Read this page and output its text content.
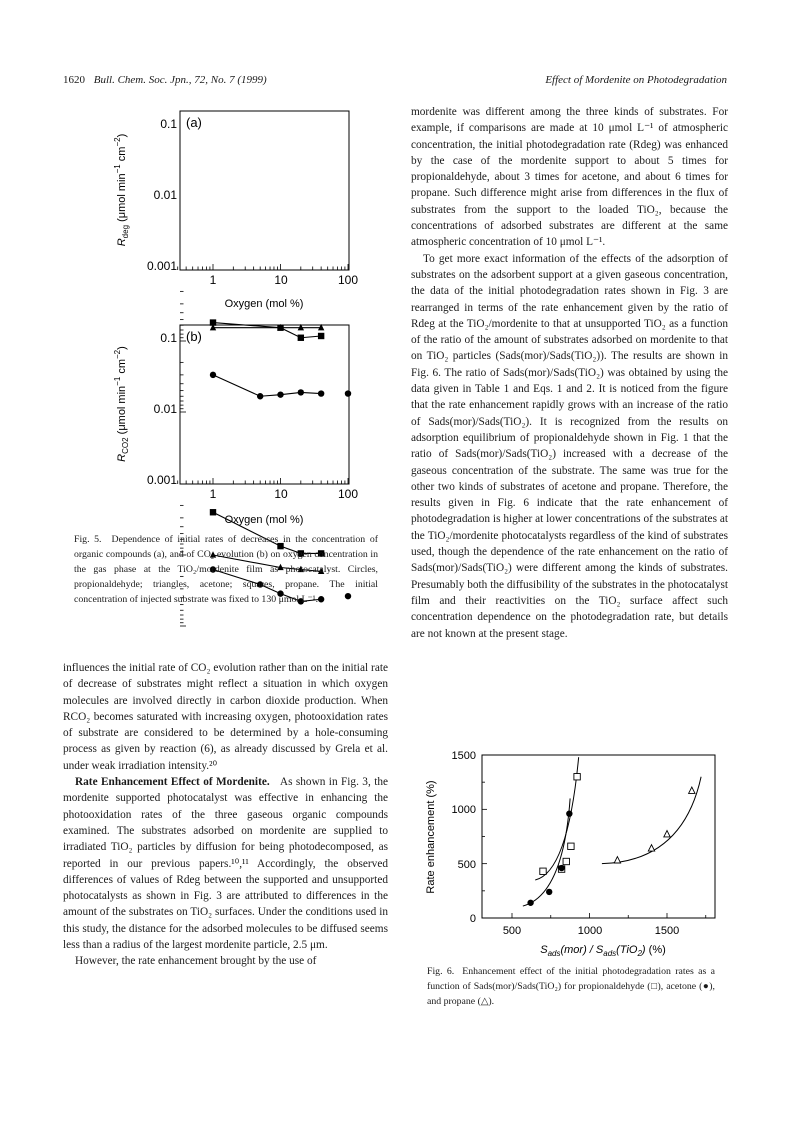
1620 Bull. Chem. Soc. Jpn., 72, No. 7 (1999)	Effect of Mordenite on Photodegradation
(a)
0.1
0.01
0.001
1	10	100
Oxygen (mol %)
$R_{deg}$ (μmol $\min^{-1} cm^{-2}$)
(b)
0.1
0.01
0.001
1	10	100
Oxygen (mol %)
$R_{CO2}$ (μmol $\min^{-1} cm^{-2}$)
Fig. 5. Dependence of initial rates of decreases in the concentration of organic compounds (a), and of CO₂ evolution (b) on oxygen concentration in the gas phase at the TiO₂/mordenite film as photocatalyst. Circles, propionaldehyde; triangles, acetone; squares, propane. The initial concentration of injected substrate was fixed to 130 μmol L⁻¹.

influences the initial rate of CO₂ evolution rather than on the initial rate of decrease of substrates might reflect a situation in which oxygen molecules are involved directly in carbon dioxide production. When RCO₂ becomes saturated with increasing oxygen, photooxidation rates of substrate are considered to be determined by a hole-consuming process as given by reaction (6), as already discussed by Grela et al. under weak irradiation intensity.²⁰

Rate Enhancement Effect of Mordenite. As shown in Fig. 3, the mordenite supported photocatalyst was effective in enhancing the photooxidation rates of the three gaseous organic compounds examined. The substrates adsorbed on mordenite are supplied to irradiated TiO₂ particles by diffusion for being photodecomposed, as reported in our previous papers.¹⁰,¹¹ Accordingly, the observed differences of values of Rdeg between the supported and unsupported photocatalysts as shown in Fig. 3 are attributed to differences in the amount of the substrates on TiO₂ surfaces. Under the conditions used in this study, the distance for the adsorbed molecules to be diffused seems less than a radius of the largest mordenite particle, 2.5 μm.

However, the rate enhancement brought by the use of

mordenite was different among the three kinds of substrates. For example, if comparisons are made at 10 μmol L⁻¹ of atmospheric concentration, the initial photodegradation rate (Rdeg) was enhanced by the case of the mordenite support to about 5 times for propionaldehyde, about 3 times for acetone, and about 6 times for propane. Such difference might arise from differences in the flux of substrates from the support to the loaded TiO₂, because the concentrations of adsorbed substrates are different at the same atmospheric concentration of 10 μmol L⁻¹.

To get more exact information of the effects of the adsorption of substrates on the adsorbent support at a given gaseous concentration, the data of the initial photodegradation rates shown in Fig. 3 are rearranged in terms of the rate enhancement given by the ratio of Rdeg at the TiO₂/mordenite to that at unsupported TiO₂ as a function of the ratio of the amount of substrates adsorbed on mordenite to that on TiO₂ particles (Sads(mor)/Sads(TiO₂)). The results are shown in Fig. 6. The ratio of Sads(mor)/Sads(TiO₂) was obtained by using the data given in Table 1 and Eqs. 1 and 2. It is noticed from the figure that the rate enhancement rapidly grows with an increase of the ratio of Sads(mor)/Sads(TiO₂). It is recognized from the results on adsorption equilibrium of propionaldehyde shown in Fig. 1 that the ratio of Sads(mor)/Sads(TiO₂) increased with a decrease of the gaseous concentration of the substrate. The same was true for the other two kinds of substrates of acetone and propane. Therefore, the results given in Fig. 6 indicate that the rate enhancement of photodegradation is higher at lower concentrations of the substrates at the TiO₂/mordenite photocatalysts regardless of the kind of substrates used, though the dependence of the rate enhancement on the ratio of Sads(mor)/Sads(TiO₂) were different among the kinds of substrates. Presumably both the diffusibility of the substrates in the photocatalyst film and their reactivities on the TiO₂ surface affect such concentration dependence on the photodegradation rate, but details are not known at the present stage.

1500
1000
500
0
500	1000	1500
$S_{ads}(mor) / S_{ads}(TiO_2)$ (%)
Rate enhancement (%)
Fig. 6. Enhancement effect of the initial photodegradation rates as a function of Sads(mor)/Sads(TiO₂) for propionaldehyde (□), acetone (●), and propane (△).
